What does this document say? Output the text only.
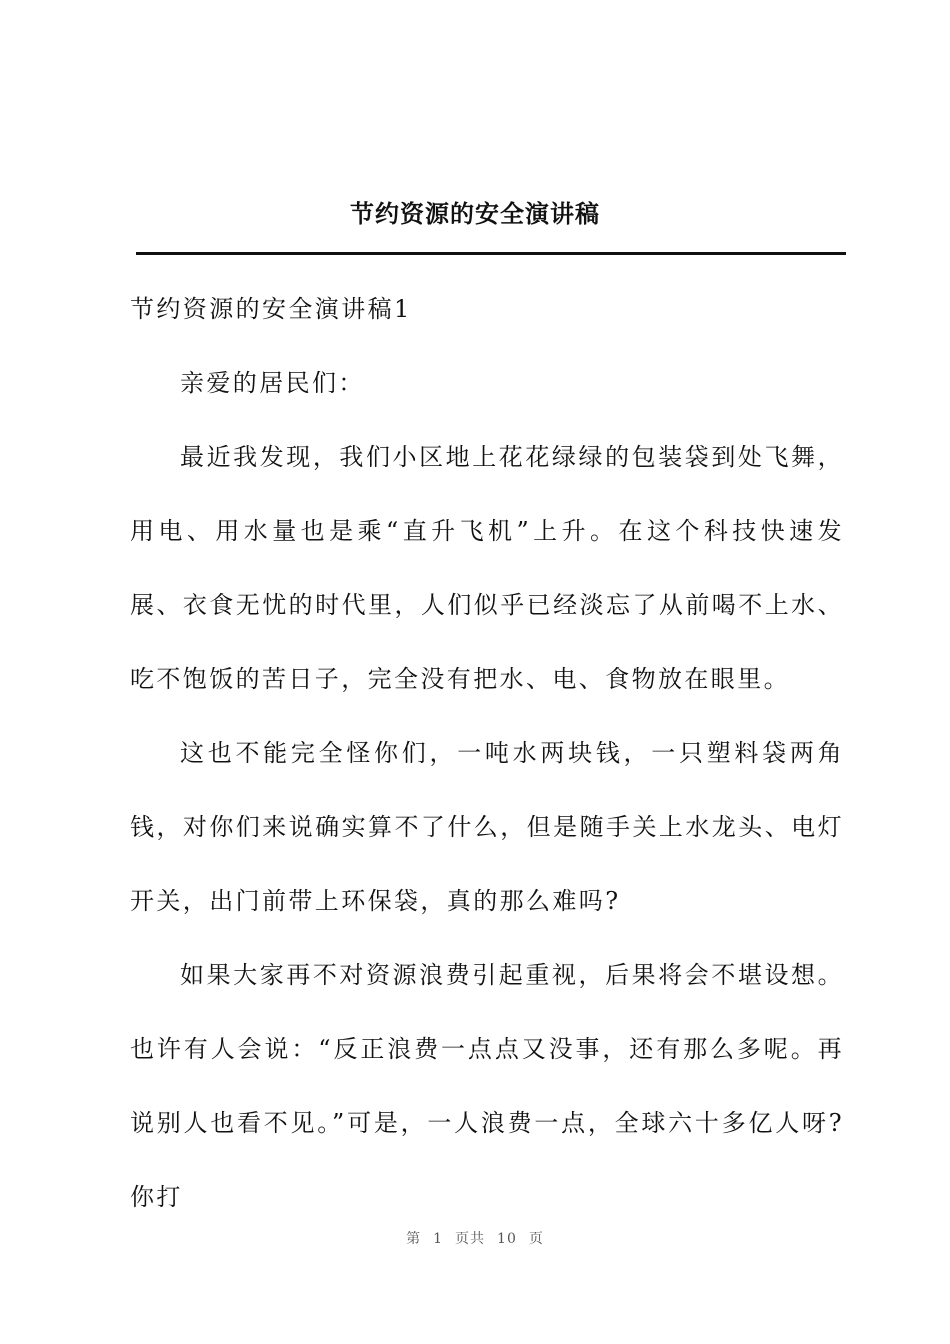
节约资源的安全演讲稿

节约资源的安全演讲稿1

亲爱的居民们：

最近我发现，我们小区地上花花绿绿的包装袋到处飞舞，用电、用水量也是乘“直升飞机”上升。在这个科技快速发展、衣食无忧的时代里，人们似乎已经淡忘了从前喝不上水、吃不饱饭的苦日子，完全没有把水、电、食物放在眼里。

这也不能完全怪你们，一吨水两块钱，一只塑料袋两角钱，对你们来说确实算不了什么，但是随手关上水龙头、电灯开关，出门前带上环保袋，真的那么难吗?

如果大家再不对资源浪费引起重视，后果将会不堪设想。也许有人会说：“反正浪费一点点又没事，还有那么多呢。再说别人也看不见。”可是，一人浪费一点，全球六十多亿人呀?你打

第 1 页共 10 页
